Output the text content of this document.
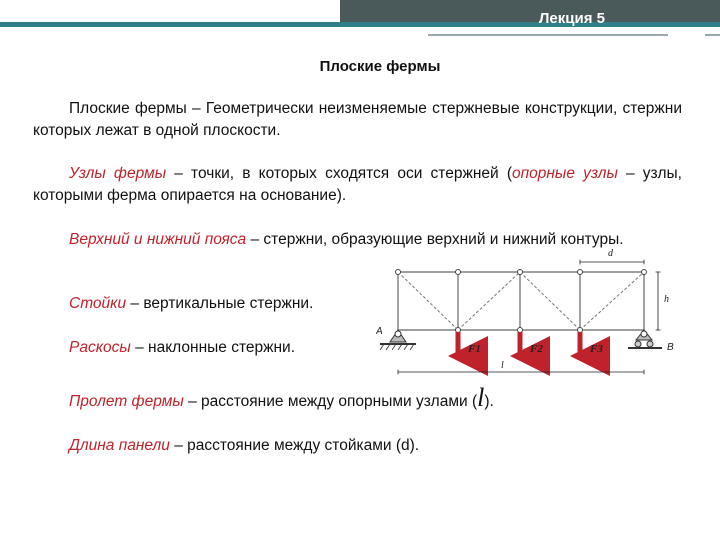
Лекция 5
Плоские фермы
Плоские фермы – Геометрически неизменяемые стержневые конструкции, стержни которых лежат в одной плоскости.
Узлы фермы – точки, в которых сходятся оси стержней (опорные узлы – узлы, которыми ферма опирается на основание).
Верхний и нижний пояса – стержни, образующие верхний и нижний контуры.
Стойки – вертикальные стержни.
Раскосы – наклонные стержни.
Пролет фермы – расстояние между опорными узлами (l).
Длина панели – расстояние между стойками (d).
A
B
F1	F2	F3
d
h
l
